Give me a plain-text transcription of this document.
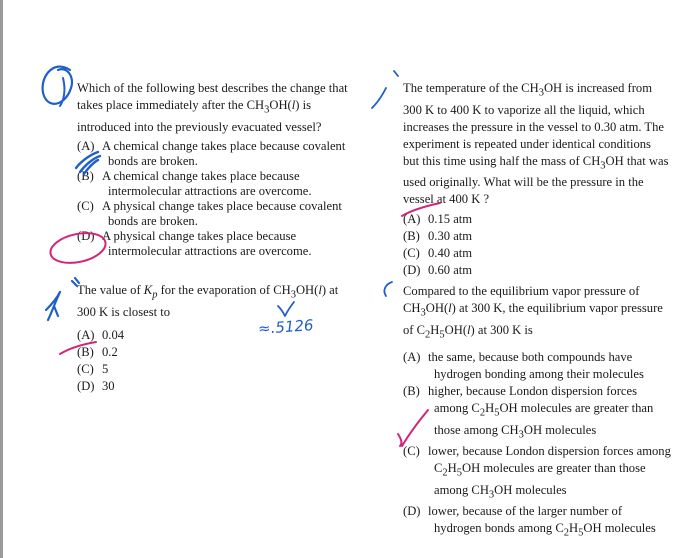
Which of the following best describes the change that takes place immediately after the $CH_3OH(l)$ is introduced into the previously evacuated vessel?

(A) A chemical change takes place because covalent bonds are broken.
(B) A chemical change takes place because intermolecular attractions are overcome.
(C) A physical change takes place because covalent bonds are broken.
(D) A physical change takes place because intermolecular attractions are overcome.

The value of $K_p$ for the evaporation of $CH_3OH(l)$ at 300 K is closest to

(A) 0.04
(B) 0.2
(C) 5
(D) 30

The temperature of the $CH_3OH$ is increased from 300 K to 400 K to vaporize all the liquid, which increases the pressure in the vessel to 0.30 atm. The experiment is repeated under identical conditions but this time using half the mass of $CH_3OH$ that was used originally. What will be the pressure in the vessel at 400 K ?

(A) 0.15 atm
(B) 0.30 atm
(C) 0.40 atm
(D) 0.60 atm

Compared to the equilibrium vapor pressure of $CH_3OH(l)$ at 300 K, the equilibrium vapor pressure of $C_2H_5OH(l)$ at 300 K is

(A) the same, because both compounds have hydrogen bonding among their molecules
(B) higher, because London dispersion forces among $C_2H_5OH$ molecules are greater than those among $CH_3OH$ molecules
(C) lower, because London dispersion forces among $C_2H_5OH$ molecules are greater than those among $CH_3OH$ molecules
(D) lower, because of the larger number of hydrogen bonds among $C_2H_5OH$ molecules
≈.5126
